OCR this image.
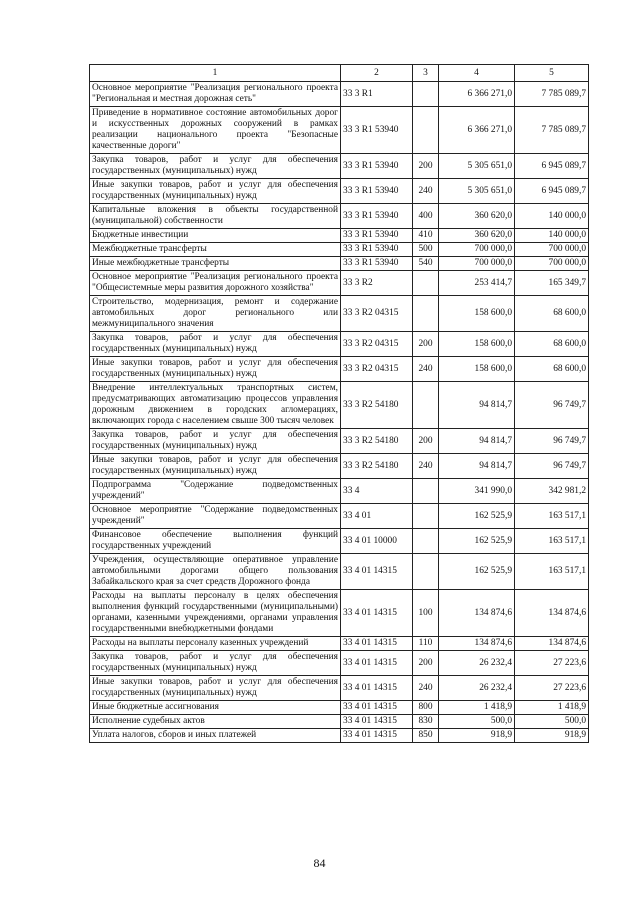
1	2	3	4	5
Основное мероприятие "Реализация регионального проекта "Региональная и местная дорожная сеть"	33 3 R1		6 366 271,0	7 785 089,7
Приведение в нормативное состояние автомобильных дорог и искусственных дорожных сооружений в рамках реализации национального проекта "Безопасные качественные дороги"	33 3 R1 53940		6 366 271,0	7 785 089,7
Закупка товаров, работ и услуг для обеспечения государственных (муниципальных) нужд	33 3 R1 53940	200	5 305 651,0	6 945 089,7
Иные закупки товаров, работ и услуг для обеспечения государственных (муниципальных) нужд	33 3 R1 53940	240	5 305 651,0	6 945 089,7
Капитальные вложения в объекты государственной (муниципальной) собственности	33 3 R1 53940	400	360 620,0	140 000,0
Бюджетные инвестиции	33 3 R1 53940	410	360 620,0	140 000,0
Межбюджетные трансферты	33 3 R1 53940	500	700 000,0	700 000,0
Иные межбюджетные трансферты	33 3 R1 53940	540	700 000,0	700 000,0
Основное мероприятие "Реализация регионального проекта "Общесистемные меры развития дорожного хозяйства"	33 3 R2		253 414,7	165 349,7
Строительство, модернизация, ремонт и содержание автомобильных дорог регионального или межмуниципального значения	33 3 R2 04315		158 600,0	68 600,0
Закупка товаров, работ и услуг для обеспечения государственных (муниципальных) нужд	33 3 R2 04315	200	158 600,0	68 600,0
Иные закупки товаров, работ и услуг для обеспечения государственных (муниципальных) нужд	33 3 R2 04315	240	158 600,0	68 600,0
Внедрение интеллектуальных транспортных систем, предусматривающих автоматизацию процессов управления дорожным движением в городских агломерациях, включающих города с населением свыше 300 тысяч человек	33 3 R2 54180		94 814,7	96 749,7
Закупка товаров, работ и услуг для обеспечения государственных (муниципальных) нужд	33 3 R2 54180	200	94 814,7	96 749,7
Иные закупки товаров, работ и услуг для обеспечения государственных (муниципальных) нужд	33 3 R2 54180	240	94 814,7	96 749,7
Подпрограмма "Содержание подведомственных учреждений"	33 4		341 990,0	342 981,2
Основное мероприятие "Содержание подведомственных учреждений"	33 4 01		162 525,9	163 517,1
Финансовое обеспечение выполнения функций государственных учреждений	33 4 01 10000		162 525,9	163 517,1
Учреждения, осуществляющие оперативное управление автомобильными дорогами общего пользования Забайкальского края за счет средств Дорожного фонда	33 4 01 14315		162 525,9	163 517,1
Расходы на выплаты персоналу в целях обеспечения выполнения функций государственными (муниципальными) органами, казенными учреждениями, органами управления государственными внебюджетными фондами	33 4 01 14315	100	134 874,6	134 874,6
Расходы на выплаты персоналу казенных учреждений	33 4 01 14315	110	134 874,6	134 874,6
Закупка товаров, работ и услуг для обеспечения государственных (муниципальных) нужд	33 4 01 14315	200	26 232,4	27 223,6
Иные закупки товаров, работ и услуг для обеспечения государственных (муниципальных) нужд	33 4 01 14315	240	26 232,4	27 223,6
Иные бюджетные ассигнования	33 4 01 14315	800	1 418,9	1 418,9
Исполнение судебных актов	33 4 01 14315	830	500,0	500,0
Уплата налогов, сборов и иных платежей	33 4 01 14315	850	918,9	918,9
84
